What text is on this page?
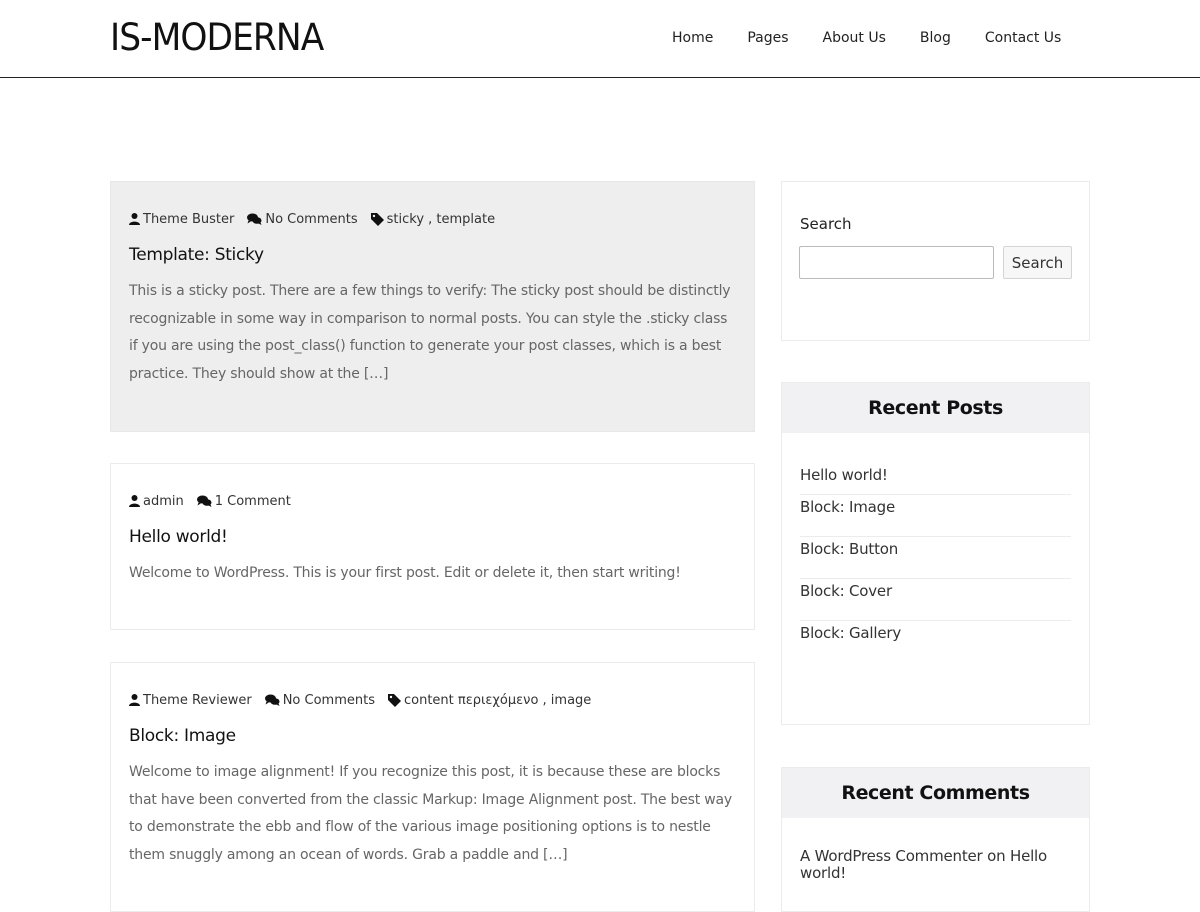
IS-MODERNA	Home Pages About Us Blog Contact Us
Theme Buster No Comments sticky , template
Template: Sticky

This is a sticky post. There are a few things to verify: The sticky post should be distinctly recognizable in some way in comparison to normal posts. You can style the .sticky class if you are using the post_class() function to generate your post classes, which is a best practice. They should show at the […]

admin 1 Comment
Hello world!

Welcome to WordPress. This is your first post. Edit or delete it, then start writing!

Theme Reviewer No Comments content περιεχόμενο , image
Block: Image

Welcome to image alignment! If you recognize this post, it is because these are blocks that have been converted from the classic Markup: Image Alignment post. The best way to demonstrate the ebb and flow of the various image positioning options is to nestle them snuggly among an ocean of words. Grab a paddle and […]

Search
Search
Recent Posts
Hello world!
Block: Image
Block: Button
Block: Cover
Block: Gallery
Recent Comments
A WordPress Commenter on Hello world!
